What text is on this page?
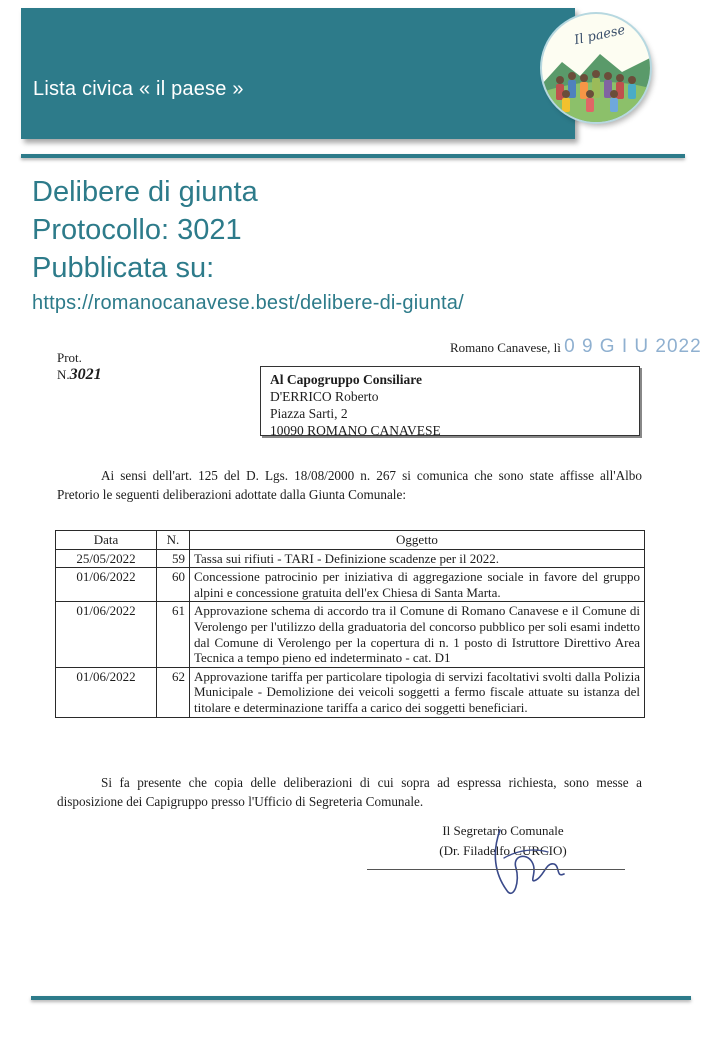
Lista civica « il paese »
Il paese
Delibere di giunta
Protocollo: 3021
Pubblicata su:
https://romanocanavese.best/delibere-di-giunta/
Prot. N.3021
Romano Canavese, lì 0 9 G I U 2022
Al Capogruppo Consiliare
D'ERRICO Roberto
Piazza Sarti, 2
10090 ROMANO CANAVESE
Ai sensi dell'art. 125 del D. Lgs. 18/08/2000 n. 267 si comunica che sono state affisse all'Albo Pretorio le seguenti deliberazioni adottate dalla Giunta Comunale:
Data	N.	Oggetto
25/05/2022	59	Tassa sui rifiuti - TARI - Definizione scadenze per il 2022.
01/06/2022	60	Concessione patrocinio per iniziativa di aggregazione sociale in favore del gruppo alpini e concessione gratuita dell'ex Chiesa di Santa Marta.
01/06/2022	61	Approvazione schema di accordo tra il Comune di Romano Canavese e il Comune di Verolengo per l'utilizzo della graduatoria del concorso pubblico per soli esami indetto dal Comune di Verolengo per la copertura di n. 1 posto di Istruttore Direttivo Area Tecnica a tempo pieno ed indeterminato - cat. D1
01/06/2022	62	Approvazione tariffa per particolare tipologia di servizi facoltativi svolti dalla Polizia Municipale - Demolizione dei veicoli soggetti a fermo fiscale attuate su istanza del titolare e determinazione tariffa a carico dei soggetti beneficiari.
Si fa presente che copia delle deliberazioni di cui sopra ad espressa richiesta, sono messe a disposizione dei Capigruppo presso l'Ufficio di Segreteria Comunale.
Il Segretario Comunale
(Dr. Filadelfo CURCIO)
